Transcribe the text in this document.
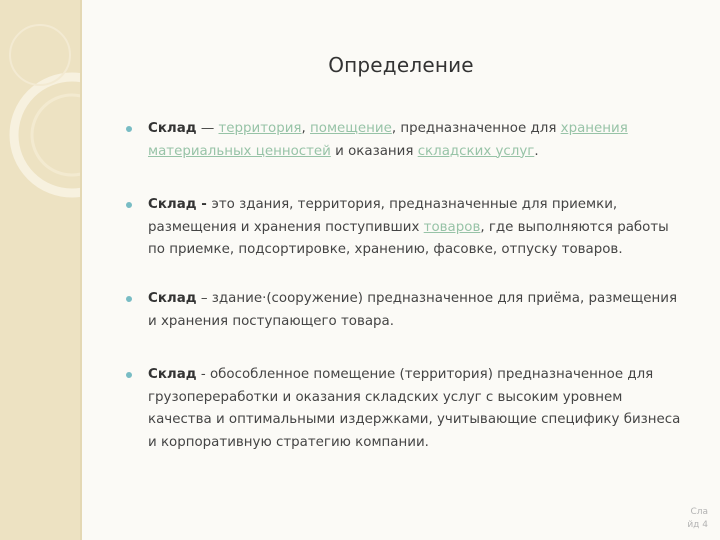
Определение
Склад — территория, помещение, предназначенное для хранения материальных ценностей и оказания складских услуг.
Склад - это здания, территория, предназначенные для приемки, размещения и хранения поступивших товаров, где выполняются работы по приемке, подсортировке, хранению, фасовке, отпуску товаров.
Склад – здание·(сооружение) предназначенное для приёма, размещения и хранения поступающего товара.
Склад - обособленное помещение (территория) предназначенное для грузопереработки и оказания складских услуг с высоким уровнем качества и оптимальными издержками, учитывающие специфику бизнеса и корпоративную стратегию компании.
Сла
йд 4
